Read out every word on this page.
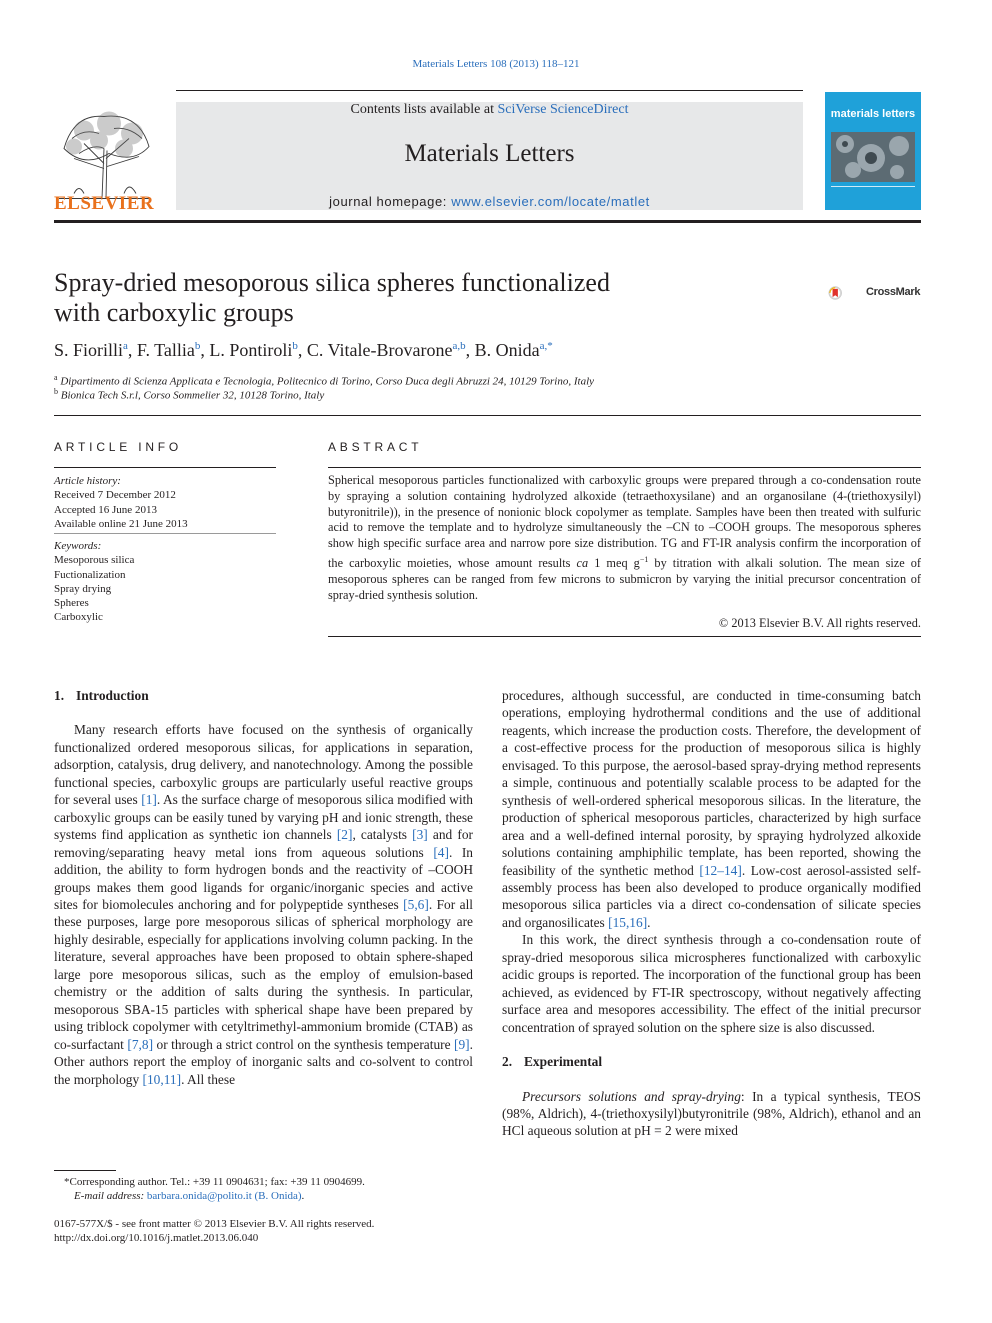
Materials Letters 108 (2013) 118–121
ELSEVIER
Contents lists available at SciVerse ScienceDirect
Materials Letters
journal homepage: www.elsevier.com/locate/matlet
materials letters
Spray-dried mesoporous silica spheres functionalized
with carboxylic groups
CrossMark
S. Fiorilli$^a$, F. Tallia$^b$, L. Pontiroli$^b$, C. Vitale-Brovarone$^{a,b}$, B. Onida$^{a,*}$
$^a$ Dipartimento di Scienza Applicata e Tecnologia, Politecnico di Torino, Corso Duca degli Abruzzi 24, 10129 Torino, Italy
$^b$ Bionica Tech S.r.l, Corso Sommelier 32, 10128 Torino, Italy
ARTICLE INFO
Article history:
Received 7 December 2012
Accepted 16 June 2013
Available online 21 June 2013
Keywords:
Mesoporous silica
Fuctionalization
Spray drying
Spheres
Carboxylic
ABSTRACT
Spherical mesoporous particles functionalized with carboxylic groups were prepared through a co-condensation route by spraying a solution containing hydrolyzed alkoxide (tetraethoxysilane) and an organosilane (4-(triethoxysilyl) butyronitrile)), in the presence of nonionic block copolymer as template. Samples have been then treated with sulfuric acid to remove the template and to hydrolyze simultaneously the –CN to –COOH groups. The mesoporous spheres show high specific surface area and narrow pore size distribution. TG and FT-IR analysis confirm the incorporation of the carboxylic moieties, whose amount results ca 1 meq $g^{-1}$ by titration with alkali solution. The mean size of mesoporous spheres can be ranged from few microns to submicron by varying the initial precursor concentration of spray-dried synthesis solution.
© 2013 Elsevier B.V. All rights reserved.
1. Introduction

Many research efforts have focused on the synthesis of organically functionalized ordered mesoporous silicas, for applications in separation, adsorption, catalysis, drug delivery, and nanotechnology. Among the possible functional species, carboxylic groups are particularly useful reactive groups for several uses [1]. As the surface charge of mesoporous silica modified with carboxylic groups can be easily tuned by varying pH and ionic strength, these systems find application as synthetic ion channels [2], catalysts [3] and for removing/separating heavy metal ions from aqueous solutions [4]. In addition, the ability to form hydrogen bonds and the reactivity of –COOH groups makes them good ligands for organic/inorganic species and active sites for biomolecules anchoring and for polypeptide syntheses [5,6]. For all these purposes, large pore mesoporous silicas of spherical morphology are highly desirable, especially for applications involving column packing. In the literature, several approaches have been proposed to obtain sphere-shaped large pore mesoporous silicas, such as the employ of emulsion-based chemistry or the addition of salts during the synthesis. In particular, mesoporous SBA-15 particles with spherical shape have been prepared by using triblock copolymer with cetyltrimethyl-ammonium bromide (CTAB) as co-surfactant [7,8] or through a strict control on the synthesis temperature [9]. Other authors report the employ of inorganic salts and co-solvent to control the morphology [10,11]. All these

procedures, although successful, are conducted in time-consuming batch operations, employing hydrothermal conditions and the use of additional reagents, which increase the production costs. Therefore, the development of a cost-effective process for the production of mesoporous silica is highly envisaged. To this purpose, the aerosol-based spray-drying method represents a simple, continuous and potentially scalable process to be adapted for the synthesis of well-ordered spherical mesoporous silicas. In the literature, the production of spherical mesoporous particles, characterized by high surface area and a well-defined internal porosity, by spraying hydrolyzed alkoxide solutions containing amphiphilic template, has been reported, showing the feasibility of the synthetic method [12–14]. Low-cost aerosol-assisted self-assembly process has been also developed to produce organically modified mesoporous silica particles via a direct co-condensation of silicate species and organosilicates [15,16].

In this work, the direct synthesis through a co-condensation route of spray-dried mesoporous silica microspheres functionalized with carboxylic acidic groups is reported. The incorporation of the functional group has been achieved, as evidenced by FT-IR spectroscopy, without negatively affecting surface area and mesopores accessibility. The effect of the initial precursor concentration of sprayed solution on the sphere size is also discussed.

2. Experimental

Precursors solutions and spray-drying: In a typical synthesis, TEOS (98%, Aldrich), 4-(triethoxysilyl)butyronitrile (98%, Aldrich), ethanol and an HCl aqueous solution at pH = 2 were mixed

*Corresponding author. Tel.: +39 11 0904631; fax: +39 11 0904699.
E-mail address: barbara.onida@polito.it (B. Onida).
0167-577X/$ - see front matter © 2013 Elsevier B.V. All rights reserved.
http://dx.doi.org/10.1016/j.matlet.2013.06.040
